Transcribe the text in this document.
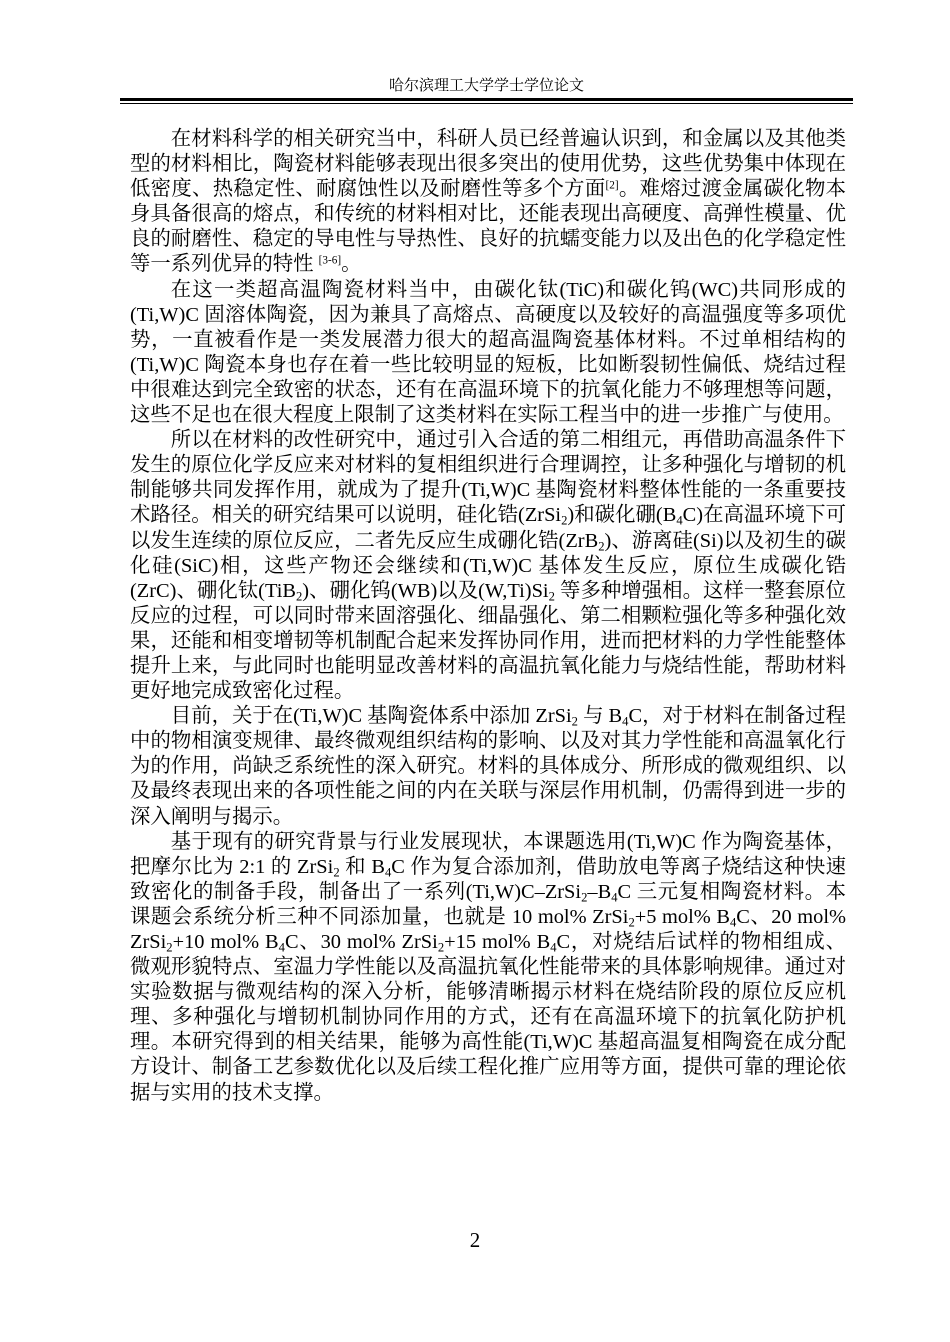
哈尔滨理工大学学士学位论文

在材料科学的相关研究当中，科研人员已经普遍认识到，和金属以及其他类型的材料相比，陶瓷材料能够表现出很多突出的使用优势，这些优势集中体现在低密度、热稳定性、耐腐蚀性以及耐磨性等多个方面[2]。难熔过渡金属碳化物本身具备很高的熔点，和传统的材料相对比，还能表现出高硬度、高弹性模量、优良的耐磨性、稳定的导电性与导热性、良好的抗蠕变能力以及出色的化学稳定性等一系列优异的特性 [3-6]。

在这一类超高温陶瓷材料当中，由碳化钛(TiC)和碳化钨(WC)共同形成的(Ti,W)C 固溶体陶瓷，因为兼具了高熔点、高硬度以及较好的高温强度等多项优势，一直被看作是一类发展潜力很大的超高温陶瓷基体材料。不过单相结构的(Ti,W)C 陶瓷本身也存在着一些比较明显的短板，比如断裂韧性偏低、烧结过程中很难达到完全致密的状态，还有在高温环境下的抗氧化能力不够理想等问题，这些不足也在很大程度上限制了这类材料在实际工程当中的进一步推广与使用。

所以在材料的改性研究中，通过引入合适的第二相组元，再借助高温条件下发生的原位化学反应来对材料的复相组织进行合理调控，让多种强化与增韧的机制能够共同发挥作用，就成为了提升(Ti,W)C 基陶瓷材料整体性能的一条重要技术路径。相关的研究结果可以说明，硅化锆(ZrSi$_2$)和碳化硼$(B_4C)$在高温环境下可以发生连续的原位反应，二者先反应生成硼化锆(ZrB$_2$)、游离硅(Si)以及初生的碳化硅(SiC)相，这些产物还会继续和(Ti,W)C 基体发生反应，原位生成碳化锆(ZrC)、硼化钛(TiB$_2$)、硼化钨(WB)以及$(W,Ti)Si_2$ 等多种增强相。这样一整套原位反应的过程，可以同时带来固溶强化、细晶强化、第二相颗粒强化等多种强化效果，还能和相变增韧等机制配合起来发挥协同作用，进而把材料的力学性能整体提升上来，与此同时也能明显改善材料的高温抗氧化能力与烧结性能，帮助材料更好地完成致密化过程。

目前，关于在(Ti,W)C 基陶瓷体系中添加 ZrSi$_2$ 与 $B_4C$，对于材料在制备过程中的物相演变规律、最终微观组织结构的影响、以及对其力学性能和高温氧化行为的作用，尚缺乏系统性的深入研究。材料的具体成分、所形成的微观组织、以及最终表现出来的各项性能之间的内在关联与深层作用机制，仍需得到进一步的深入阐明与揭示。

基于现有的研究背景与行业发展现状，本课题选用(Ti,W)C 作为陶瓷基体，把摩尔比为 2:1 的 ZrSi$_2$ 和 $B_4C$ 作为复合添加剂，借助放电等离子烧结这种快速致密化的制备手段，制备出了一系列$(Ti,W)C-ZrSi_2-B_4C$ 三元复相陶瓷材料。本课题会系统分析三种不同添加量，也就是 10 mol% ZrSi$_2$+5 mol% $B_4C$、20 mol% ZrSi$_2$+10 mol% $B_4C$、30 mol% ZrSi$_2$+15 mol% $B_4C$，对烧结后试样的物相组成、微观形貌特点、室温力学性能以及高温抗氧化性能带来的具体影响规律。通过对实验数据与微观结构的深入分析，能够清晰揭示材料在烧结阶段的原位反应机理、多种强化与增韧机制协同作用的方式，还有在高温环境下的抗氧化防护机理。本研究得到的相关结果，能够为高性能(Ti,W)C 基超高温复相陶瓷在成分配方设计、制备工艺参数优化以及后续工程化推广应用等方面，提供可靠的理论依据与实用的技术支撑。

2
